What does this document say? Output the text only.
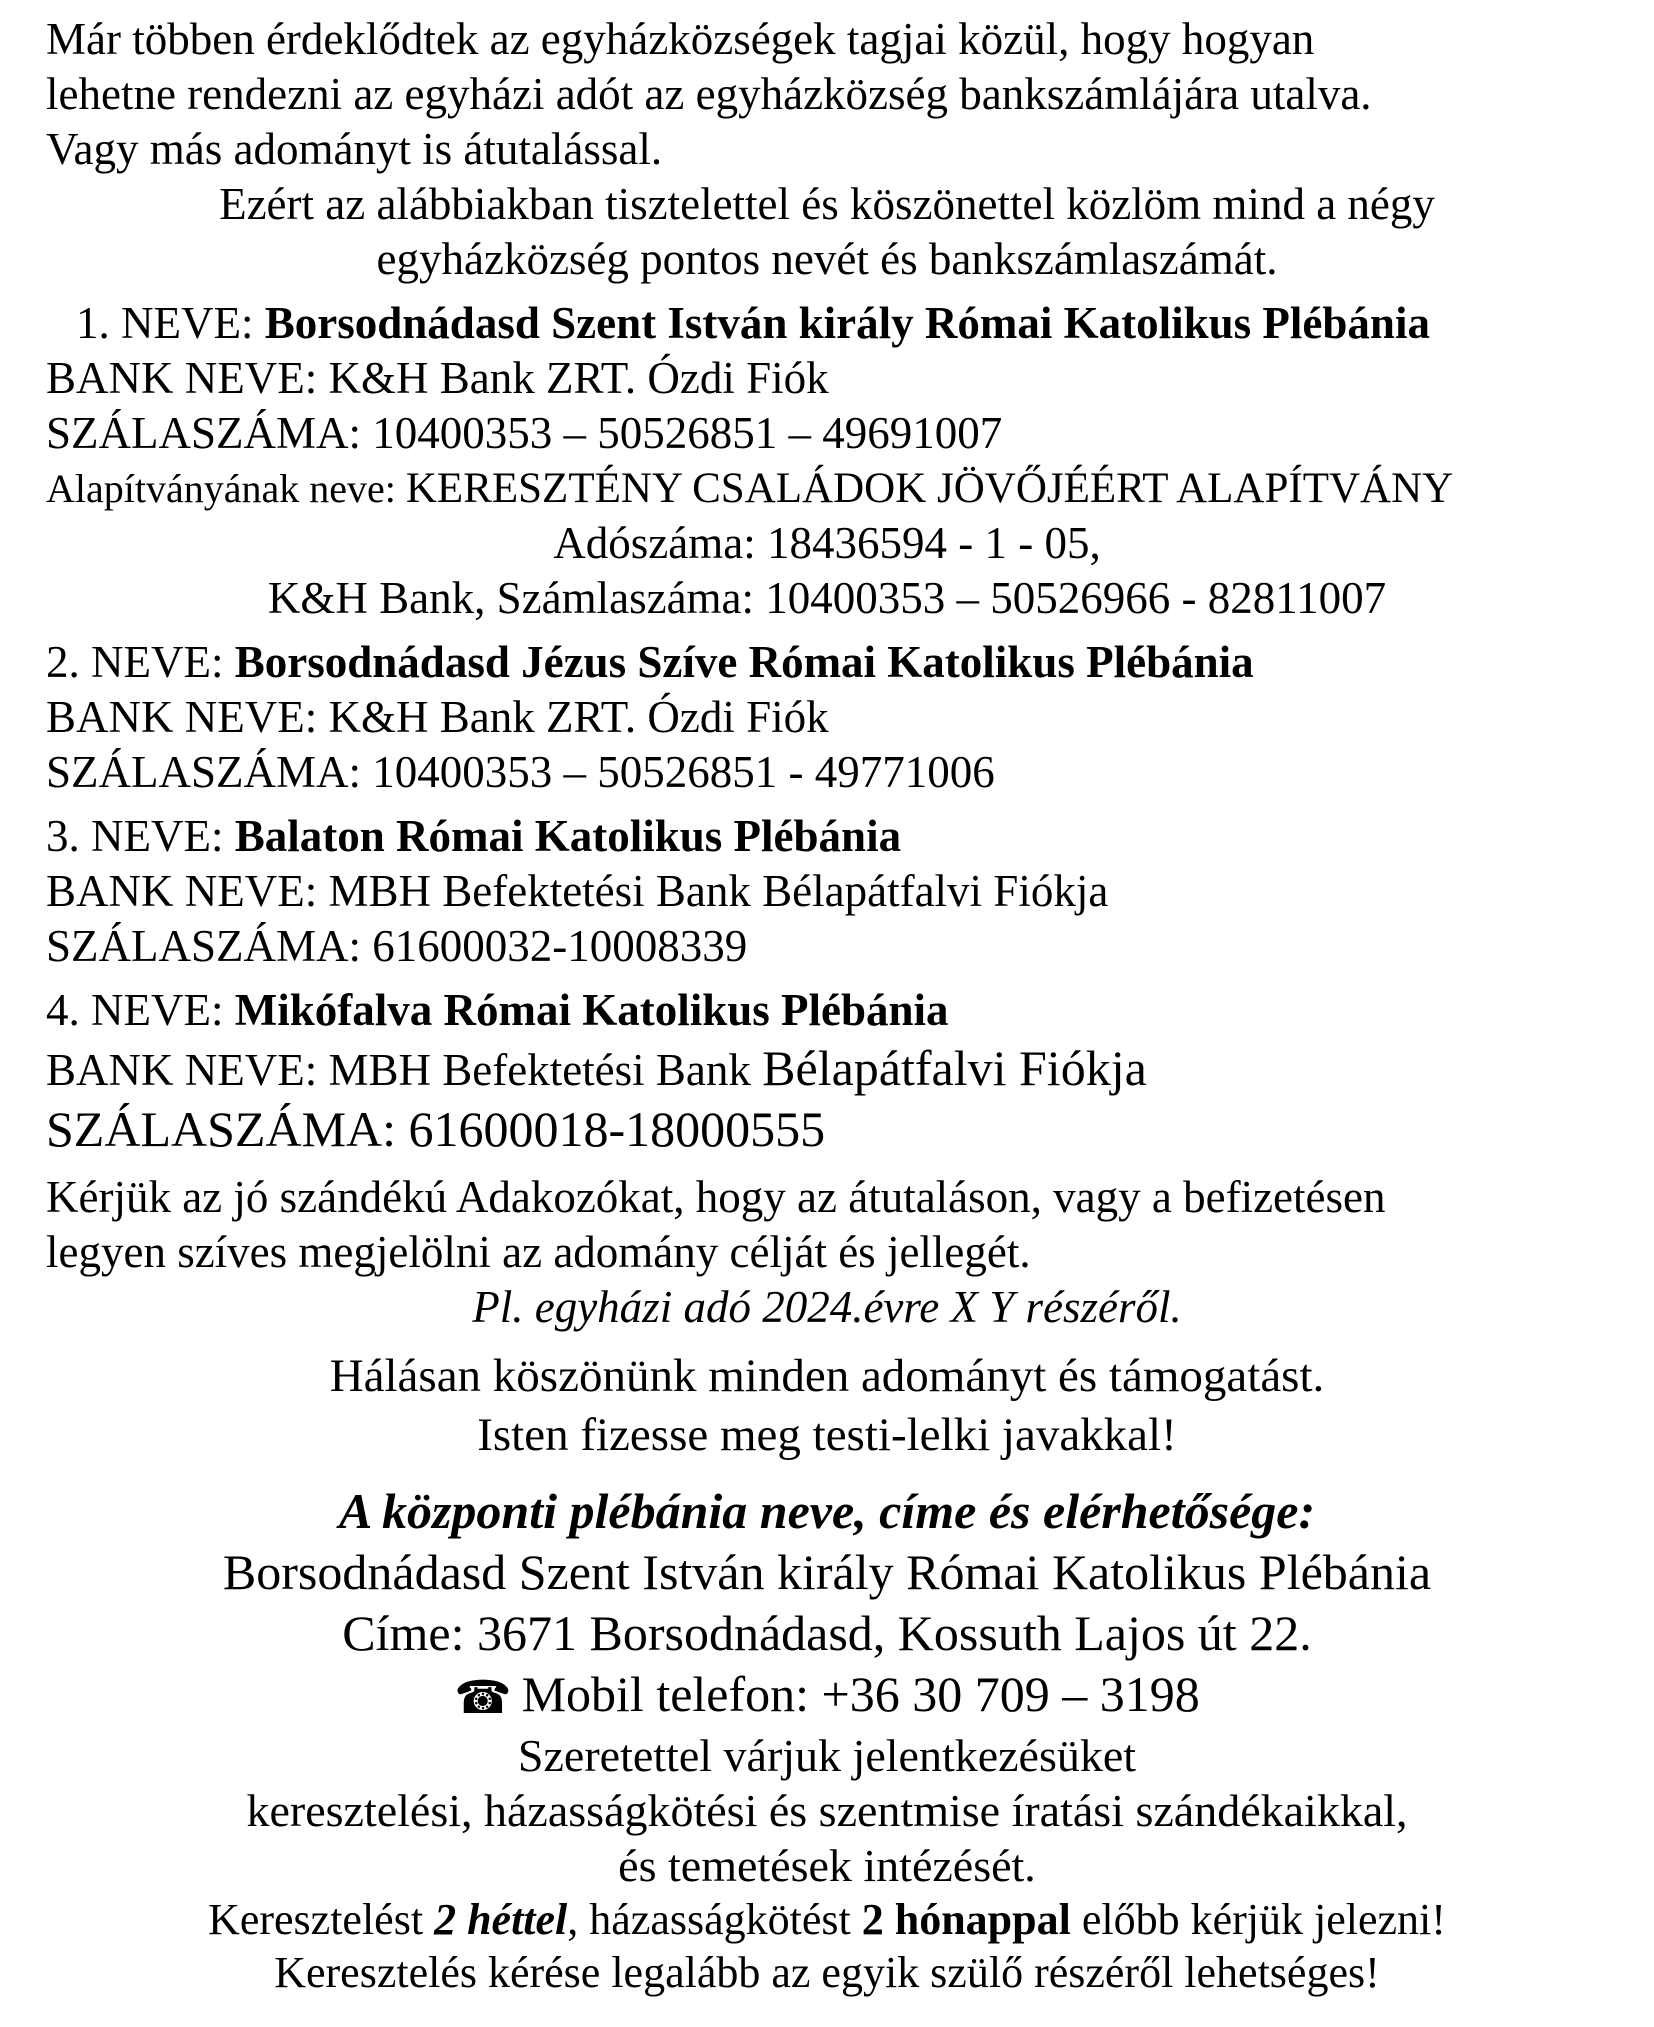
Már többen érdeklődtek az egyházközségek tagjai közül, hogy hogyan
lehetne rendezni az egyházi adót az egyházközség bankszámlájára utalva.
Vagy más adományt is átutalással.
Ezért az alábbiakban tisztelettel és köszönettel közlöm mind a négy
egyházközség pontos nevét és bankszámlaszámát.
1. NEVE: Borsodnádasd Szent István király Római Katolikus Plébánia
BANK NEVE: K&H Bank ZRT. Ózdi Fiók
SZÁLASZÁMA: 10400353 – 50526851 – 49691007
Alapítványának neve: KERESZTÉNY CSALÁDOK JÖVŐJÉÉRT ALAPÍTVÁNY
Adószáma: 18436594 - 1 - 05,
K&H Bank, Számlaszáma: 10400353 – 50526966 - 82811007
2. NEVE: Borsodnádasd Jézus Szíve Római Katolikus Plébánia
BANK NEVE: K&H Bank ZRT. Ózdi Fiók
SZÁLASZÁMA: 10400353 – 50526851 - 49771006
3. NEVE: Balaton Római Katolikus Plébánia
BANK NEVE: MBH Befektetési Bank Bélapátfalvi Fiókja
SZÁLASZÁMA: 61600032-10008339
4. NEVE: Mikófalva Római Katolikus Plébánia
BANK NEVE: MBH Befektetési Bank Bélapátfalvi Fiókja
SZÁLASZÁMA: 61600018-18000555
Kérjük az jó szándékú Adakozókat, hogy az átutaláson, vagy a befizetésen
legyen szíves megjelölni az adomány célját és jellegét.
Pl. egyházi adó 2024.évre X Y részéről.
Hálásan köszönünk minden adományt és támogatást.
Isten fizesse meg testi-lelki javakkal!
A központi plébánia neve, címe és elérhetősége:
Borsodnádasd Szent István király Római Katolikus Plébánia
Címe: 3671 Borsodnádasd, Kossuth Lajos út 22.
☎ Mobil telefon: +36 30 709 – 3198
Szeretettel várjuk jelentkezésüket
keresztelési, házasságkötési és szentmise íratási szándékaikkal,
és temetések intézését.
Keresztelést 2 héttel, házasságkötést 2 hónappal előbb kérjük jelezni!
Keresztelés kérése legalább az egyik szülő részéről lehetséges!
